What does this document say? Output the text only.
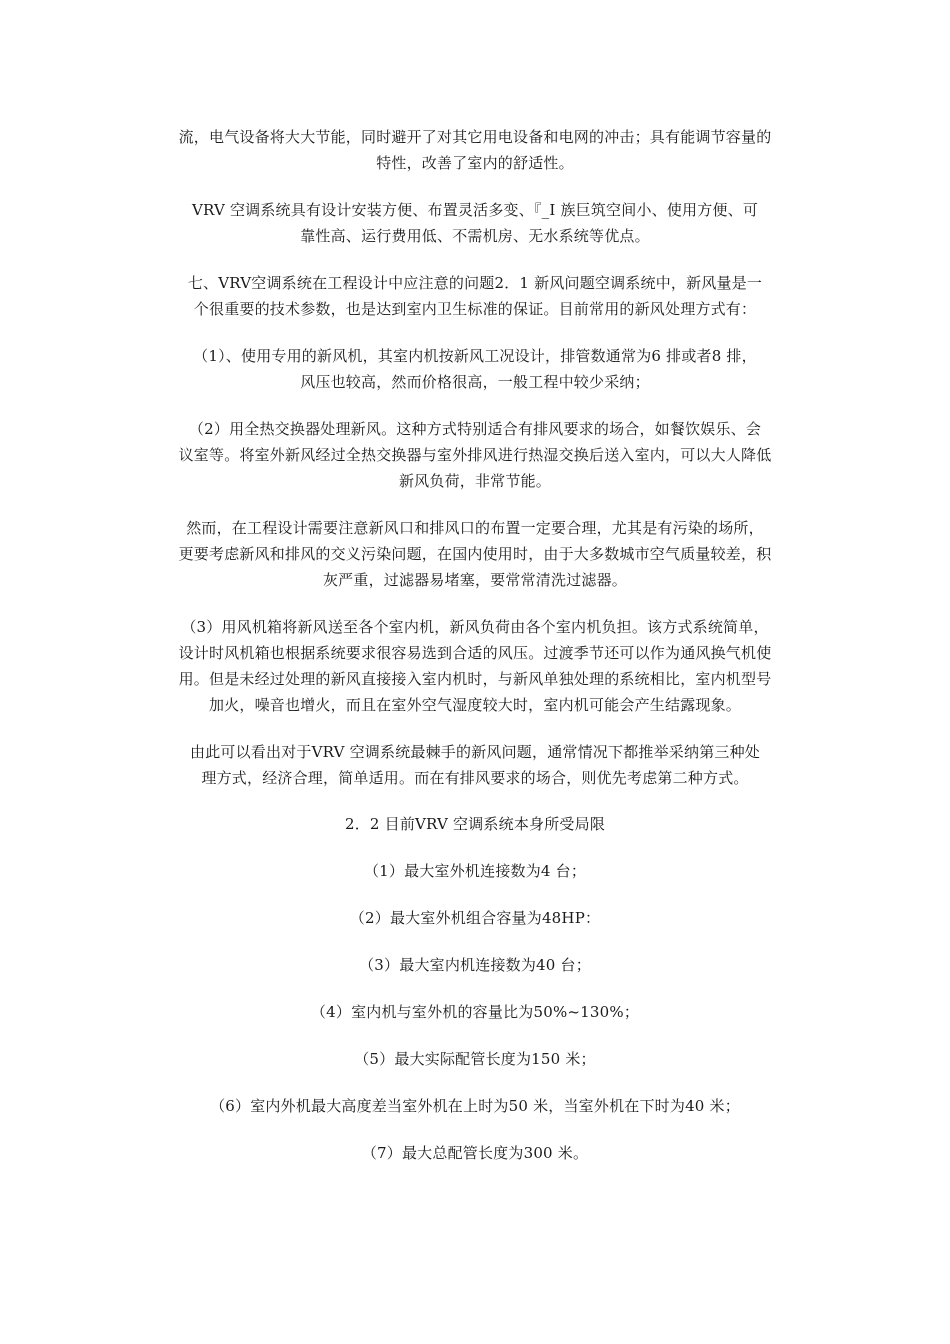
流，电气设备将大大节能，同时避开了对其它用电设备和电网的冲击；具有能调节容量的
特性，改善了室内的舒适性。
VRV 空调系统具有设计安装方便、布置灵活多变、『_I 族巨筑空间小、使用方便、可
靠性高、运行费用低、不需机房、无水系统等优点。
七、VRV空调系统在工程设计中应注意的问题2．1 新风问题空调系统中，新风量是一
个很重要的技术参数，也是达到室内卫生标准的保证。目前常用的新风处理方式有：
（1）、使用专用的新风机，其室内机按新风工况设计，排管数通常为6 排或者8 排，
风压也较高，然而价格很高，一般工程中较少采纳；
（2）用全热交换器处理新风。这种方式特别适合有排风要求的场合，如餐饮娱乐、会
议室等。将室外新风经过全热交换器与室外排风进行热湿交换后送入室内，可以大人降低
新风负荷，非常节能。
然而，在工程设计需要注意新风口和排风口的布置一定要合理，尤其是有污染的场所，
更要考虑新风和排风的交义污染问题，在国内使用时，由于大多数城市空气质量较差，积
灰严重，过滤器易堵塞，要常常清洗过滤器。
（3）用风机箱将新风送至各个室内机，新风负荷由各个室内机负担。该方式系统简单，
设计时风机箱也根据系统要求很容易选到合适的风压。过渡季节还可以作为通风换气机使
用。但是未经过处理的新风直接接入室内机时，与新风单独处理的系统相比，室内机型号
加火，噪音也增火，而且在室外空气湿度较大时，室内机可能会产生结露现象。
由此可以看出对于VRV 空调系统最棘手的新风问题，通常情况下都推举采纳第三种处
理方式，经济合理，简单适用。而在有排风要求的场合，则优先考虑第二种方式。
2．2 目前VRV 空调系统本身所受局限
（1）最大室外机连接数为4 台；
（2）最大室外机组合容量为48HP：
（3）最大室内机连接数为40 台；
（4）室内机与室外机的容量比为50%~130%；
（5）最大实际配管长度为150 米；
（6）室内外机最大高度差当室外机在上时为50 米，当室外机在下时为40 米；
（7）最大总配管长度为300 米。
